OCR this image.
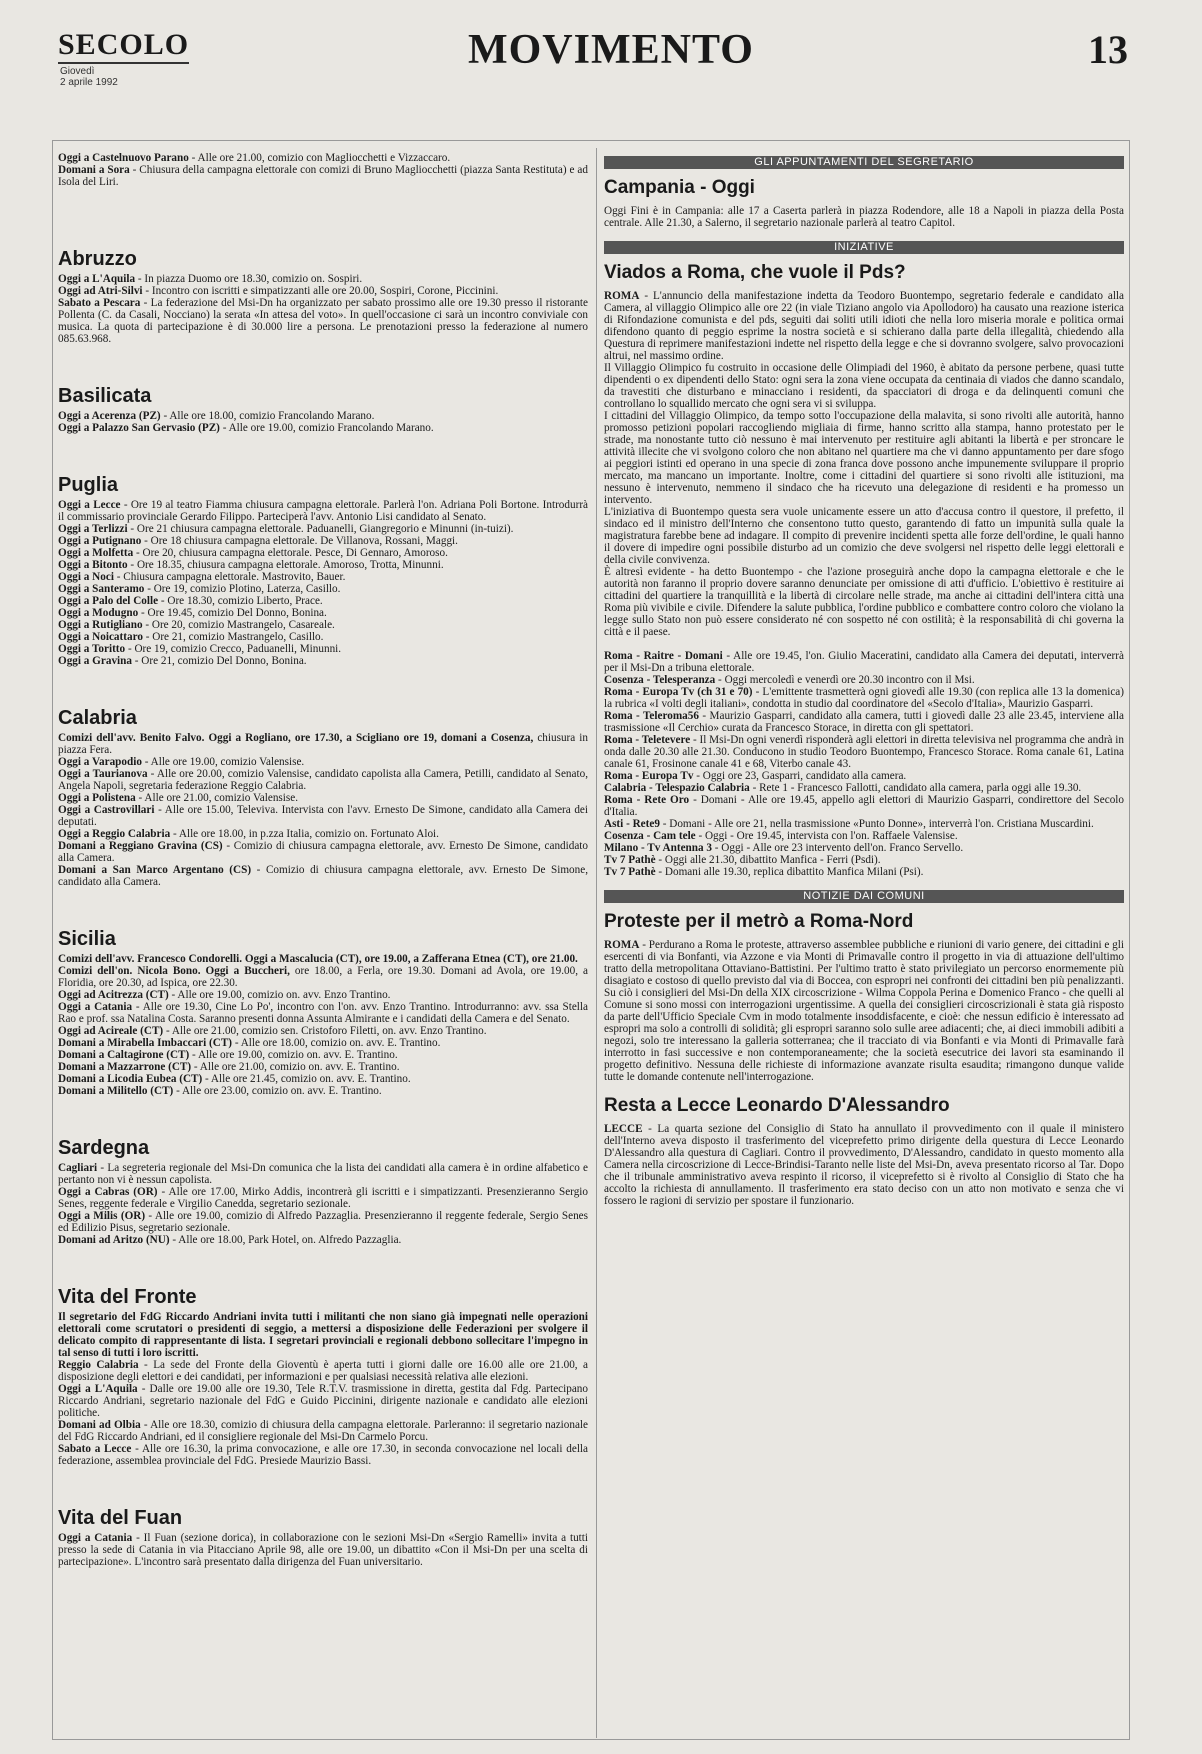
SECOLO
Giovedì
2 aprile 1992
MOVIMENTO	13
Oggi a Castelnuovo Parano - Alle ore 21.00, comizio con Magliocchetti e Vizzaccaro.
Domani a Sora - Chiusura della campagna elettorale con comizi di Bruno Magliocchetti (piazza Santa Restituta) e ad Isola del Liri.
Abruzzo
Oggi a L'Aquila - In piazza Duomo ore 18.30, comizio on. Sospiri.
Oggi ad Atri-Silvi - Incontro con iscritti e simpatizzanti alle ore 20.00, Sospiri, Corone, Piccinini.
Sabato a Pescara - La federazione del Msi-Dn ha organizzato per sabato prossimo alle ore 19.30 presso il ristorante Pollenta (C. da Casali, Nocciano) la serata «In attesa del voto». In quell'occasione ci sarà un incontro conviviale con musica. La quota di partecipazione è di 30.000 lire a persona. Le prenotazioni presso la federazione al numero 085.63.968.
Basilicata
Oggi a Acerenza (PZ) - Alle ore 18.00, comizio Francolando Marano.
Oggi a Palazzo San Gervasio (PZ) - Alle ore 19.00, comizio Francolando Marano.
Puglia
Oggi a Lecce - Ore 19 al teatro Fiamma chiusura campagna elettorale. Parlerà l'on. Adriana Poli Bortone. Introdurrà il commissario provinciale Gerardo Filippo. Parteciperà l'avv. Antonio Lisi candidato al Senato.
Oggi a Terlizzi - Ore 21 chiusura campagna elettorale. Paduanelli, Giangregorio e Minunni (in-tuizi).
Oggi a Putignano - Ore 18 chiusura campagna elettorale. De Villanova, Rossani, Maggi.
Oggi a Molfetta - Ore 20, chiusura campagna elettorale. Pesce, Di Gennaro, Amoroso.
Oggi a Bitonto - Ore 18.35, chiusura campagna elettorale. Amoroso, Trotta, Minunni.
Oggi a Noci - Chiusura campagna elettorale. Mastrovito, Bauer.
Oggi a Santeramo - Ore 19, comizio Plotino, Laterza, Casillo.
Oggi a Palo del Colle - Ore 18.30, comizio Liberto, Prace.
Oggi a Modugno - Ore 19.45, comizio Del Donno, Bonina.
Oggi a Rutigliano - Ore 20, comizio Mastrangelo, Casareale.
Oggi a Noicattaro - Ore 21, comizio Mastrangelo, Casillo.
Oggi a Toritto - Ore 19, comizio Crecco, Paduanelli, Minunni.
Oggi a Gravina - Ore 21, comizio Del Donno, Bonina.
Calabria
Comizi dell'avv. Benito Falvo. Oggi a Rogliano, ore 17.30, a Scigliano ore 19, domani a Cosenza, chiusura in piazza Fera.
Oggi a Varapodio - Alle ore 19.00, comizio Valensise.
Oggi a Taurianova - Alle ore 20.00, comizio Valensise, candidato capolista alla Camera, Petilli, candidato al Senato, Angela Napoli, segretaria federazione Reggio Calabria.
Oggi a Polistena - Alle ore 21.00, comizio Valensise.
Oggi a Castrovillari - Alle ore 15.00, Televiva. Intervista con l'avv. Ernesto De Simone, candidato alla Camera dei deputati.
Oggi a Reggio Calabria - Alle ore 18.00, in p.zza Italia, comizio on. Fortunato Aloi.
Domani a Reggiano Gravina (CS) - Comizio di chiusura campagna elettorale, avv. Ernesto De Simone, candidato alla Camera.
Domani a San Marco Argentano (CS) - Comizio di chiusura campagna elettorale, avv. Ernesto De Simone, candidato alla Camera.
Sicilia
Comizi dell'avv. Francesco Condorelli. Oggi a Mascalucia (CT), ore 19.00, a Zafferana Etnea (CT), ore 21.00.
Comizi dell'on. Nicola Bono. Oggi a Buccheri, ore 18.00, a Ferla, ore 19.30. Domani ad Avola, ore 19.00, a Floridia, ore 20.30, ad Ispica, ore 22.30.
Oggi ad Acitrezza (CT) - Alle ore 19.00, comizio on. avv. Enzo Trantino.
Oggi a Catania - Alle ore 19.30, Cine Lo Po', incontro con l'on. avv. Enzo Trantino. Introdurranno: avv. ssa Stella Rao e prof. ssa Natalina Costa. Saranno presenti donna Assunta Almirante e i candidati della Camera e del Senato.
Oggi ad Acireale (CT) - Alle ore 21.00, comizio sen. Cristoforo Filetti, on. avv. Enzo Trantino.
Domani a Mirabella Imbaccari (CT) - Alle ore 18.00, comizio on. avv. E. Trantino.
Domani a Caltagirone (CT) - Alle ore 19.00, comizio on. avv. E. Trantino.
Domani a Mazzarrone (CT) - Alle ore 21.00, comizio on. avv. E. Trantino.
Domani a Licodia Eubea (CT) - Alle ore 21.45, comizio on. avv. E. Trantino.
Domani a Militello (CT) - Alle ore 23.00, comizio on. avv. E. Trantino.
Sardegna
Cagliari - La segreteria regionale del Msi-Dn comunica che la lista dei candidati alla camera è in ordine alfabetico e pertanto non vi è nessun capolista.
Oggi a Cabras (OR) - Alle ore 17.00, Mirko Addis, incontrerà gli iscritti e i simpatizzanti. Presenzieranno Sergio Senes, reggente federale e Virgilio Canedda, segretario sezionale.
Oggi a Milis (OR) - Alle ore 19.00, comizio di Alfredo Pazzaglia. Presenzieranno il reggente federale, Sergio Senes ed Edilizio Pisus, segretario sezionale.
Domani ad Aritzo (NU) - Alle ore 18.00, Park Hotel, on. Alfredo Pazzaglia.
Vita del Fronte
Il segretario del FdG Riccardo Andriani invita tutti i militanti che non siano già impegnati nelle operazioni elettorali come scrutatori o presidenti di seggio, a mettersi a disposizione delle Federazioni per svolgere il delicato compito di rappresentante di lista. I segretari provinciali e regionali debbono sollecitare l'impegno in tal senso di tutti i loro iscritti.
Reggio Calabria - La sede del Fronte della Gioventù è aperta tutti i giorni dalle ore 16.00 alle ore 21.00, a disposizione degli elettori e dei candidati, per informazioni e per qualsiasi necessità relativa alle elezioni.
Oggi a L'Aquila - Dalle ore 19.00 alle ore 19.30, Tele R.T.V. trasmissione in diretta, gestita dal Fdg. Partecipano Riccardo Andriani, segretario nazionale del FdG e Guido Piccinini, dirigente nazionale e candidato alle elezioni politiche.
Domani ad Olbia - Alle ore 18.30, comizio di chiusura della campagna elettorale. Parleranno: il segretario nazionale del FdG Riccardo Andriani, ed il consigliere regionale del Msi-Dn Carmelo Porcu.
Sabato a Lecce - Alle ore 16.30, la prima convocazione, e alle ore 17.30, in seconda convocazione nel locali della federazione, assemblea provinciale del FdG. Presiede Maurizio Bassi.
Vita del Fuan
Oggi a Catania - Il Fuan (sezione dorica), in collaborazione con le sezioni Msi-Dn «Sergio Ramelli» invita a tutti presso la sede di Catania in via Pitacciano Aprile 98, alle ore 19.00, un dibattito «Con il Msi-Dn per una scelta di partecipazione». L'incontro sarà presentato dalla dirigenza del Fuan universitario.
GLI APPUNTAMENTI DEL SEGRETARIO
Campania - Oggi
Oggi Fini è in Campania: alle 17 a Caserta parlerà in piazza Rodendore, alle 18 a Napoli in piazza della Posta centrale. Alle 21.30, a Salerno, il segretario nazionale parlerà al teatro Capitol.
INIZIATIVE
Viados a Roma, che vuole il Pds?
ROMA - L'annuncio della manifestazione indetta da Teodoro Buontempo, segretario federale e candidato alla Camera, al villaggio Olimpico alle ore 22 (in viale Tiziano angolo via Apollodoro) ha causato una reazione isterica di Rifondazione comunista e del pds, seguiti dai soliti utili idioti che nella loro miseria morale e politica ormai difendono quanto di peggio esprime la nostra società e si schierano dalla parte della illegalità, chiedendo alla Questura di reprimere manifestazioni indette nel rispetto della legge e che si dovranno svolgere, salvo provocazioni altrui, nel massimo ordine.
Il Villaggio Olimpico fu costruito in occasione delle Olimpiadi del 1960, è abitato da persone perbene, quasi tutte dipendenti o ex dipendenti dello Stato: ogni sera la zona viene occupata da centinaia di viados che danno scandalo, da travestiti che disturbano e minacciano i residenti, da spacciatori di droga e da delinquenti comuni che controllano lo squallido mercato che ogni sera vi si sviluppa.
I cittadini del Villaggio Olimpico, da tempo sotto l'occupazione della malavita, si sono rivolti alle autorità, hanno promosso petizioni popolari raccogliendo migliaia di firme, hanno scritto alla stampa, hanno protestato per le strade, ma nonostante tutto ciò nessuno è mai intervenuto per restituire agli abitanti la libertà e per stroncare le attività illecite che vi svolgono coloro che non abitano nel quartiere ma che vi danno appuntamento per dare sfogo ai peggiori istinti ed operano in una specie di zona franca dove possono anche impunemente sviluppare il proprio mercato, ma mancano un importante. Inoltre, come i cittadini del quartiere si sono rivolti alle istituzioni, ma nessuno è intervenuto, nemmeno il sindaco che ha ricevuto una delegazione di residenti e ha promesso un intervento.
L'iniziativa di Buontempo questa sera vuole unicamente essere un atto d'accusa contro il questore, il prefetto, il sindaco ed il ministro dell'Interno che consentono tutto questo, garantendo di fatto un impunità sulla quale la magistratura farebbe bene ad indagare. Il compito di prevenire incidenti spetta alle forze dell'ordine, le quali hanno il dovere di impedire ogni possibile disturbo ad un comizio che deve svolgersi nel rispetto delle leggi elettorali e della civile convivenza.
È altresì evidente - ha detto Buontempo - che l'azione proseguirà anche dopo la campagna elettorale e che le autorità non faranno il proprio dovere saranno denunciate per omissione di atti d'ufficio. L'obiettivo è restituire ai cittadini del quartiere la tranquillità e la libertà di circolare nelle strade, ma anche ai cittadini dell'intera città una Roma più vivibile e civile. Difendere la salute pubblica, l'ordine pubblico e combattere contro coloro che violano la legge sullo Stato non può essere considerato né con sospetto né con ostilità; è la responsabilità di chi governa la città e il paese.
Roma - Raitre - Domani - Alle ore 19.45, l'on. Giulio Maceratini, candidato alla Camera dei deputati, interverrà per il Msi-Dn a tribuna elettorale.
Cosenza - Telesperanza - Oggi mercoledì e venerdì ore 20.30 incontro con il Msi.
Roma - Europa Tv (ch 31 e 70) - L'emittente trasmetterà ogni giovedì alle 19.30 (con replica alle 13 la domenica) la rubrica «I volti degli italiani», condotta in studio dal coordinatore del «Secolo d'Italia», Maurizio Gasparri.
Roma - Teleroma56 - Maurizio Gasparri, candidato alla camera, tutti i giovedì dalle 23 alle 23.45, interviene alla trasmissione «Il Cerchio» curata da Francesco Storace, in diretta con gli spettatori.
Roma - Teletevere - Il Msi-Dn ogni venerdì risponderà agli elettori in diretta televisiva nel programma che andrà in onda dalle 20.30 alle 21.30. Conducono in studio Teodoro Buontempo, Francesco Storace. Roma canale 61, Latina canale 61, Frosinone canale 41 e 68, Viterbo canale 43.
Roma - Europa Tv - Oggi ore 23, Gasparri, candidato alla camera.
Calabria - Telespazio Calabria - Rete 1 - Francesco Fallotti, candidato alla camera, parla oggi alle 19.30.
Roma - Rete Oro - Domani - Alle ore 19.45, appello agli elettori di Maurizio Gasparri, condirettore del Secolo d'Italia.
Asti - Rete9 - Domani - Alle ore 21, nella trasmissione «Punto Donne», interverrà l'on. Cristiana Muscardini.
Cosenza - Cam tele - Oggi - Ore 19.45, intervista con l'on. Raffaele Valensise.
Milano - Tv Antenna 3 - Oggi - Alle ore 23 intervento dell'on. Franco Servello.
Tv 7 Pathè - Oggi alle 21.30, dibattito Manfica - Ferri (Psdi).
Tv 7 Pathè - Domani alle 19.30, replica dibattito Manfica Milani (Psi).
NOTIZIE DAI COMUNI
Proteste per il metrò a Roma-Nord
ROMA - Perdurano a Roma le proteste, attraverso assemblee pubbliche e riunioni di vario genere, dei cittadini e gli esercenti di via Bonfanti, via Azzone e via Monti di Primavalle contro il progetto in via di attuazione dell'ultimo tratto della metropolitana Ottaviano-Battistini. Per l'ultimo tratto è stato privilegiato un percorso enormemente più disagiato e costoso di quello previsto dal via di Boccea, con espropri nei confronti dei cittadini ben più penalizzanti. Su ciò i consiglieri del Msi-Dn della XIX circoscrizione - Wilma Coppola Perina e Domenico Franco - che quelli al Comune si sono mossi con interrogazioni urgentissime. A quella dei consiglieri circoscrizionali è stata già risposto da parte dell'Ufficio Speciale Cvm in modo totalmente insoddisfacente, e cioè: che nessun edificio è interessato ad espropri ma solo a controlli di solidità; gli espropri saranno solo sulle aree adiacenti; che, ai dieci immobili adibiti a negozi, solo tre interessano la galleria sotterranea; che il tracciato di via Bonfanti e via Monti di Primavalle farà interrotto in fasi successive e non contemporaneamente; che la società esecutrice dei lavori sta esaminando il progetto definitivo. Nessuna delle richieste di informazione avanzate risulta esaudita; rimangono dunque valide tutte le domande contenute nell'interrogazione.
Resta a Lecce Leonardo D'Alessandro
LECCE - La quarta sezione del Consiglio di Stato ha annullato il provvedimento con il quale il ministero dell'Interno aveva disposto il trasferimento del viceprefetto primo dirigente della questura di Lecce Leonardo D'Alessandro alla questura di Cagliari. Contro il provvedimento, D'Alessandro, candidato in questo momento alla Camera nella circoscrizione di Lecce-Brindisi-Taranto nelle liste del Msi-Dn, aveva presentato ricorso al Tar. Dopo che il tribunale amministrativo aveva respinto il ricorso, il viceprefetto si è rivolto al Consiglio di Stato che ha accolto la richiesta di annullamento. Il trasferimento era stato deciso con un atto non motivato e senza che vi fossero le ragioni di servizio per spostare il funzionario.
